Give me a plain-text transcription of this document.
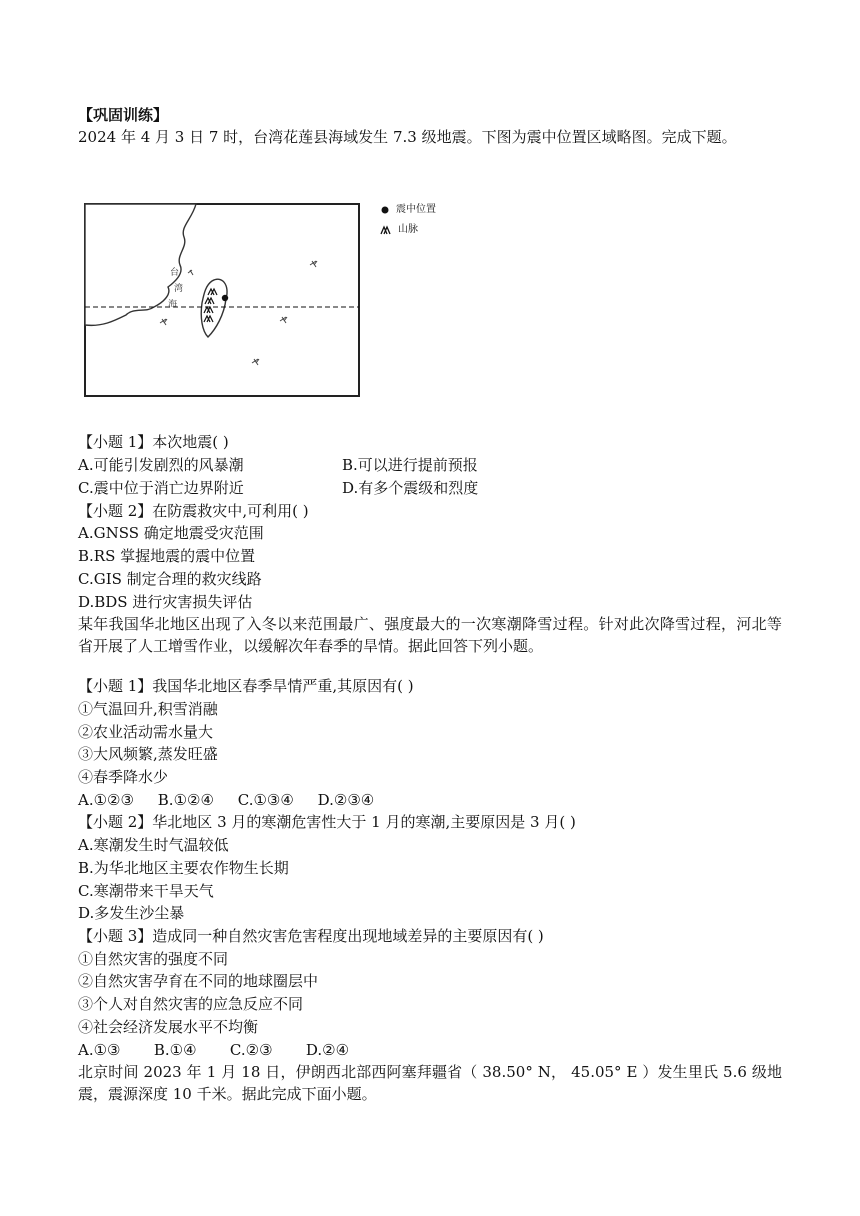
【巩固训练】
2024 年 4 月 3 日 7 时，台湾花莲县海域发生 7.3 级地震。下图为震中位置区域略图。完成下题。
台
湾
海
震中位置
山脉
【小题 1】本次地震( )
A.可能引发剧烈的风暴潮	B.可以进行提前预报
C.震中位于消亡边界附近	D.有多个震级和烈度
【小题 2】在防震救灾中,可利用( )
A.GNSS 确定地震受灾范围
B.RS 掌握地震的震中位置
C.GIS 制定合理的救灾线路
D.BDS 进行灾害损失评估
某年我国华北地区出现了入冬以来范围最广、强度最大的一次寒潮降雪过程。针对此次降雪过程，河北等省开展了人工增雪作业，以缓解次年春季的旱情。据此回答下列小题。
【小题 1】我国华北地区春季旱情严重,其原因有( )
①气温回升,积雪消融
②农业活动需水量大
③大风频繁,蒸发旺盛
④春季降水少
A.①②③     B.①②④     C.①③④     D.②③④
【小题 2】华北地区 3 月的寒潮危害性大于 1 月的寒潮,主要原因是 3 月( )
A.寒潮发生时气温较低
B.为华北地区主要农作物生长期
C.寒潮带来干旱天气
D.多发生沙尘暴
【小题 3】造成同一种自然灾害危害程度出现地域差异的主要原因有( )
①自然灾害的强度不同
②自然灾害孕育在不同的地球圈层中
③个人对自然灾害的应急反应不同
④社会经济发展水平不均衡
A.①③       B.①④       C.②③       D.②④
北京时间 2023 年 1 月 18 日，伊朗西北部西阿塞拜疆省（ 38.50° N， 45.05° E ）发生里氏 5.6 级地震，震源深度 10 千米。据此完成下面小题。
